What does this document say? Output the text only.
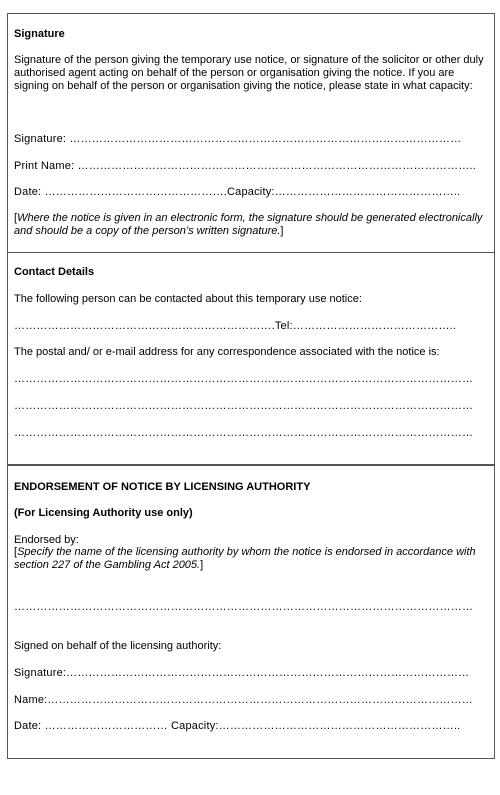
Signature

Signature of the person giving the temporary use notice, or signature of the solicitor or other duly authorised agent acting on behalf of the person or organisation giving the notice. If you are signing on behalf of the person or organisation giving the notice, please state in what capacity:

Signature: ……………………………………………………………………………………………
Print Name: ……………………………………………………………………………………………..
Date: ………………………………………….Capacity:…………………………………………..

[Where the notice is given in an electronic form, the signature should be generated electronically and should be a copy of the person’s written signature.]

Contact Details

The following person can be contacted about this temporary use notice:
…………………………………………………………….Tel:……………………………………..
The postal and/ or e-mail address for any correspondence associated with the notice is:
……………………………………………………………………………………………………………
……………………………………………………………………………………………………………
……………………………………………………………………………………………………………

ENDORSEMENT OF NOTICE BY LICENSING AUTHORITY

(For Licensing Authority use only)

Endorsed by:

[Specify the name of the licensing authority by whom the notice is endorsed in accordance with section 227 of the Gambling Act 2005.]

……………………………………………………………………………………………………………
Signed on behalf of the licensing authority:
Signature:………………………………………………………………………………………………
Name:……………………………………………………………………………………………………
Date: …………………………… Capacity:………………………………………………………..
